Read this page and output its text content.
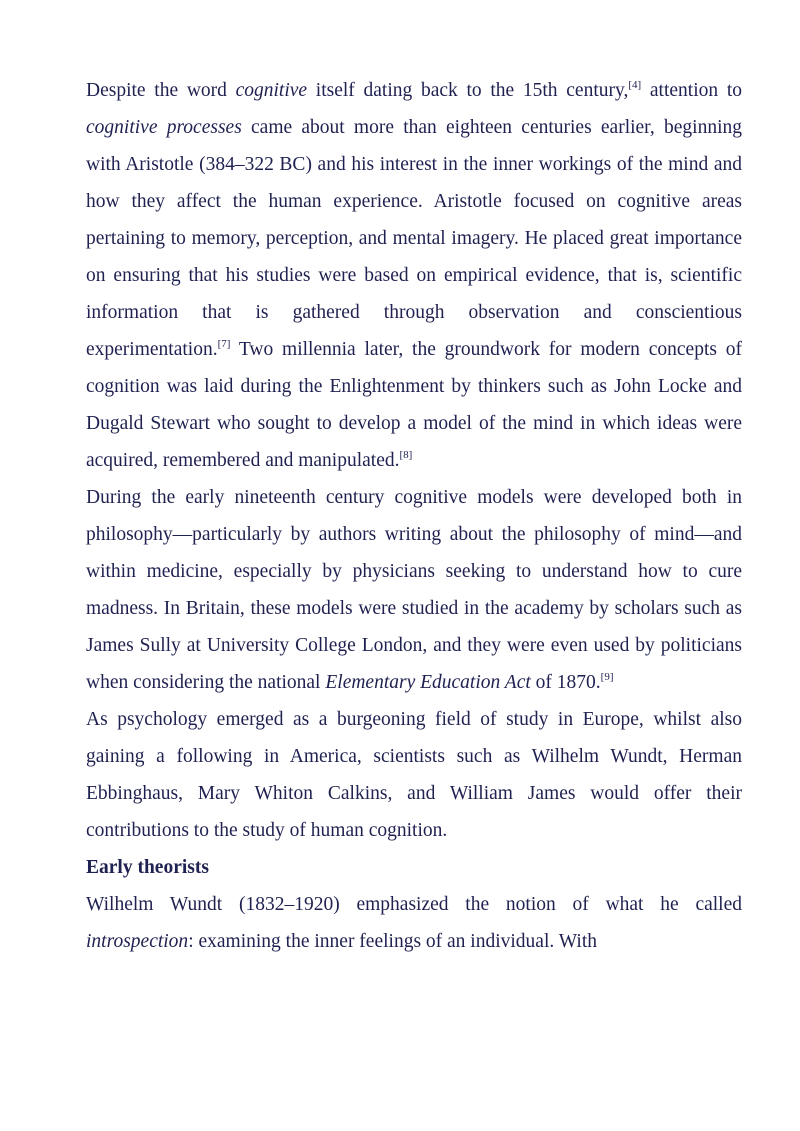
Despite the word cognitive itself dating back to the 15th century,[4] attention to cognitive processes came about more than eighteen centuries earlier, beginning with Aristotle (384–322 BC) and his interest in the inner workings of the mind and how they affect the human experience. Aristotle focused on cognitive areas pertaining to memory, perception, and mental imagery. He placed great importance on ensuring that his studies were based on empirical evidence, that is, scientific information that is gathered through observation and conscientious experimentation.[7] Two millennia later, the groundwork for modern concepts of cognition was laid during the Enlightenment by thinkers such as John Locke and Dugald Stewart who sought to develop a model of the mind in which ideas were acquired, remembered and manipulated.[8]

During the early nineteenth century cognitive models were developed both in philosophy—particularly by authors writing about the philosophy of mind—and within medicine, especially by physicians seeking to understand how to cure madness. In Britain, these models were studied in the academy by scholars such as James Sully at University College London, and they were even used by politicians when considering the national Elementary Education Act of 1870.[9]

As psychology emerged as a burgeoning field of study in Europe, whilst also gaining a following in America, scientists such as Wilhelm Wundt, Herman Ebbinghaus, Mary Whiton Calkins, and William James would offer their contributions to the study of human cognition.

Early theorists

Wilhelm Wundt (1832–1920) emphasized the notion of what he called introspection: examining the inner feelings of an individual. With
